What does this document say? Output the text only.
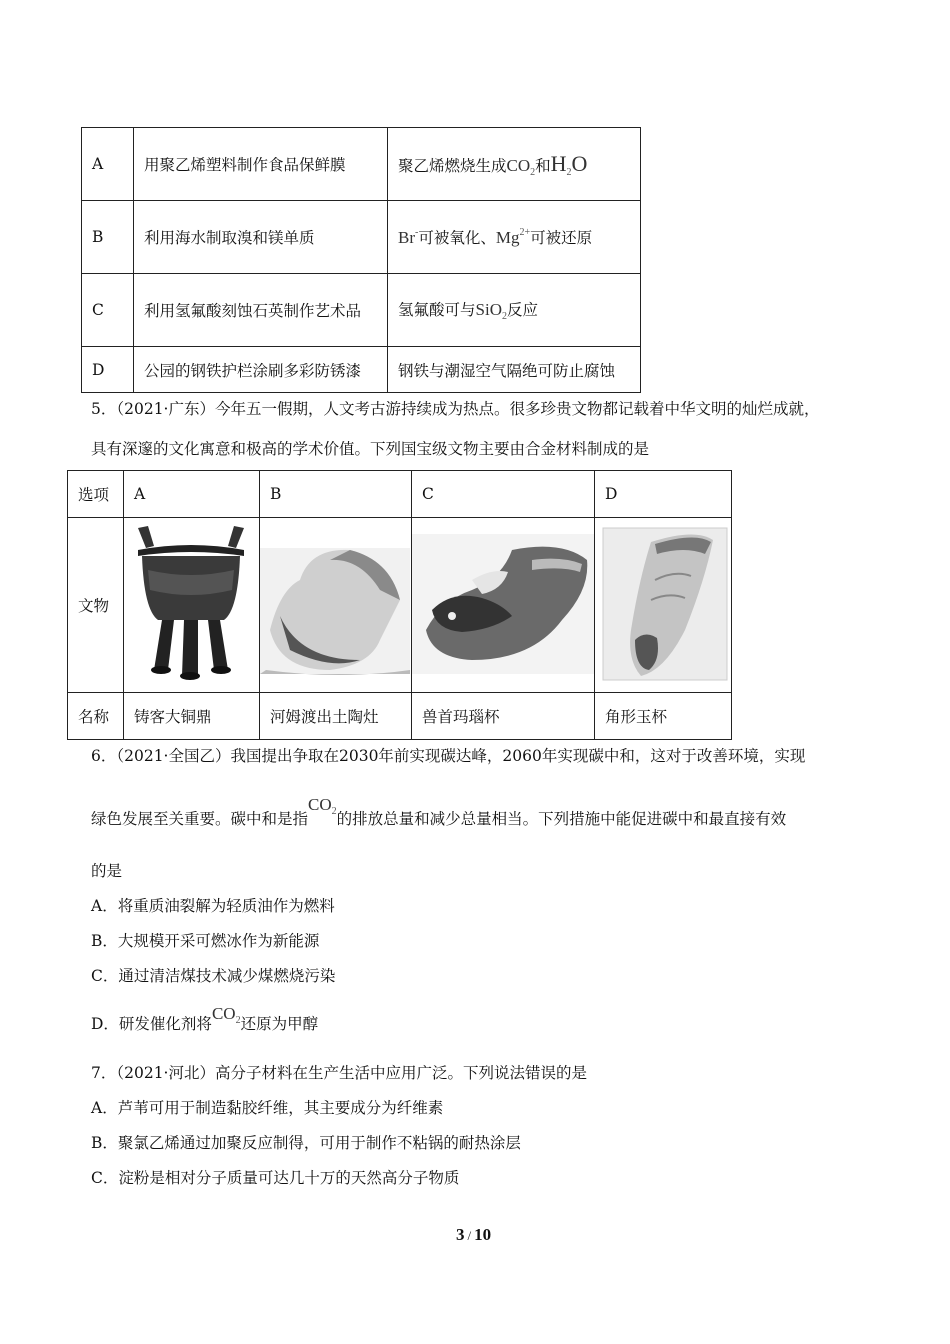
A	用聚乙烯塑料制作食品保鲜膜	聚乙烯燃烧生成$CO_2$和$H_2O$
B	利用海水制取溴和镁单质	Br-可被氧化、$Mg^{2+}$可被还原
C	利用氢氟酸刻蚀石英制作艺术品	氢氟酸可与SiO$_2$反应
D	公园的钢铁护栏涂刷多彩防锈漆	钢铁与潮湿空气隔绝可防止腐蚀
5．（2021·广东）今年五一假期，人文考古游持续成为热点。很多珍贵文物都记载着中华文明的灿烂成就，
具有深邃的文化寓意和极高的学术价值。下列国宝级文物主要由合金材料制成的是
选项	A	B	C	D
文物	

名称	铸客大铜鼎	河姆渡出土陶灶	兽首玛瑙杯	角形玉杯
6．（2021·全国乙）我国提出争取在2030年前实现碳达峰，2060年实现碳中和，这对于改善环境，实现
绿色发展至关重要。碳中和是指$CO_2$的排放总量和减少总量相当。下列措施中能促进碳中和最直接有效
的是
A．将重质油裂解为轻质油作为燃料
B．大规模开采可燃冰作为新能源
C．通过清洁煤技术减少煤燃烧污染
D．研发催化剂将$CO_2$还原为甲醇
7．（2021·河北）高分子材料在生产生活中应用广泛。下列说法错误的是
A．芦苇可用于制造黏胶纤维，其主要成分为纤维素
B．聚氯乙烯通过加聚反应制得，可用于制作不粘锅的耐热涂层
C．淀粉是相对分子质量可达几十万的天然高分子物质
3 / 10
